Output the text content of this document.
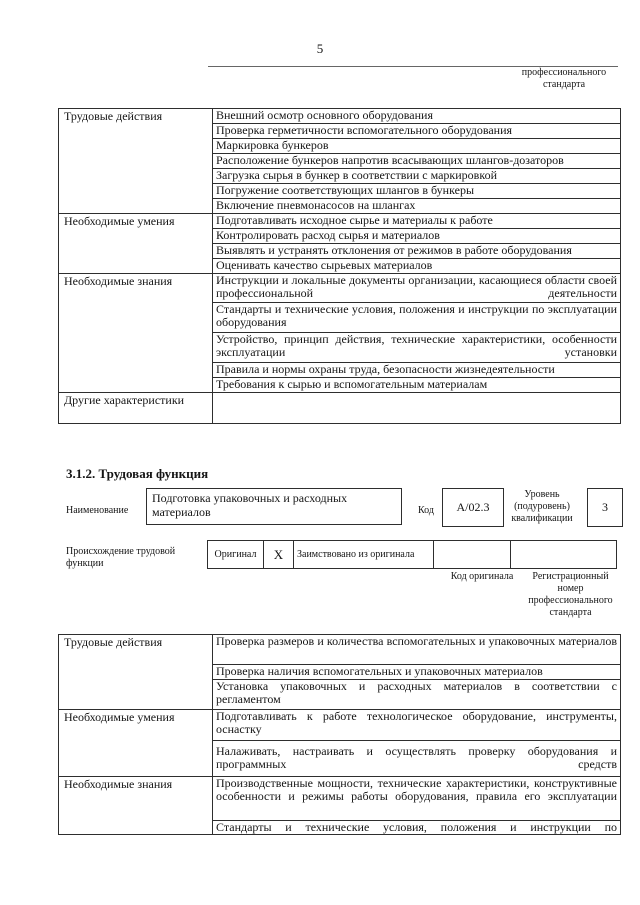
5
профессионального стандарта
Трудовые действия	Внешний осмотр основного оборудования
	Проверка герметичности вспомогательного оборудования
	Маркировка бункеров
	Расположение бункеров напротив всасывающих шлангов-дозаторов
	Загрузка сырья в бункер в соответствии с маркировкой
	Погружение соответствующих шлангов в бункеры
	Включение пневмонасосов на шлангах
Необходимые умения	Подготавливать исходное сырье и материалы к работе
	Контролировать расход сырья и материалов
	Выявлять и устранять отклонения от режимов в работе оборудования
	Оценивать качество сырьевых материалов
Необходимые знания	Инструкции и локальные документы организации, касающиеся области своей профессиональной деятельности
	Стандарты и технические условия, положения и инструкции по эксплуатации оборудования
	Устройство, принцип действия, технические характеристики, особенности эксплуатации установки
	Правила и нормы охраны труда, безопасности жизнедеятельности
	Требования к сырью и вспомогательным материалам
Другие характеристики	
3.1.2. Трудовая функция
Наименование
Подготовка упаковочных и расходных материалов	Код	А/02.3
Уровень (подуровень) квалификации
3
Происхождение трудовой функции
Оригинал	X	Заимствовано из оригинала
Код оригинала	Регистрационный номер профессионального стандарта
Трудовые действия	Проверка размеров и количества вспомогательных и упаковочных материалов
	Проверка наличия вспомогательных и упаковочных материалов
	Установка упаковочных и расходных материалов в соответствии с регламентом
Необходимые умения	Подготавливать к работе технологическое оборудование, инструменты, оснастку
	Налаживать, настраивать и осуществлять проверку оборудования и программных средств
Необходимые знания	Производственные мощности, технические характеристики, конструктивные особенности и режимы работы оборудования, правила его эксплуатации
	Стандарты и технические условия, положения и инструкции по
